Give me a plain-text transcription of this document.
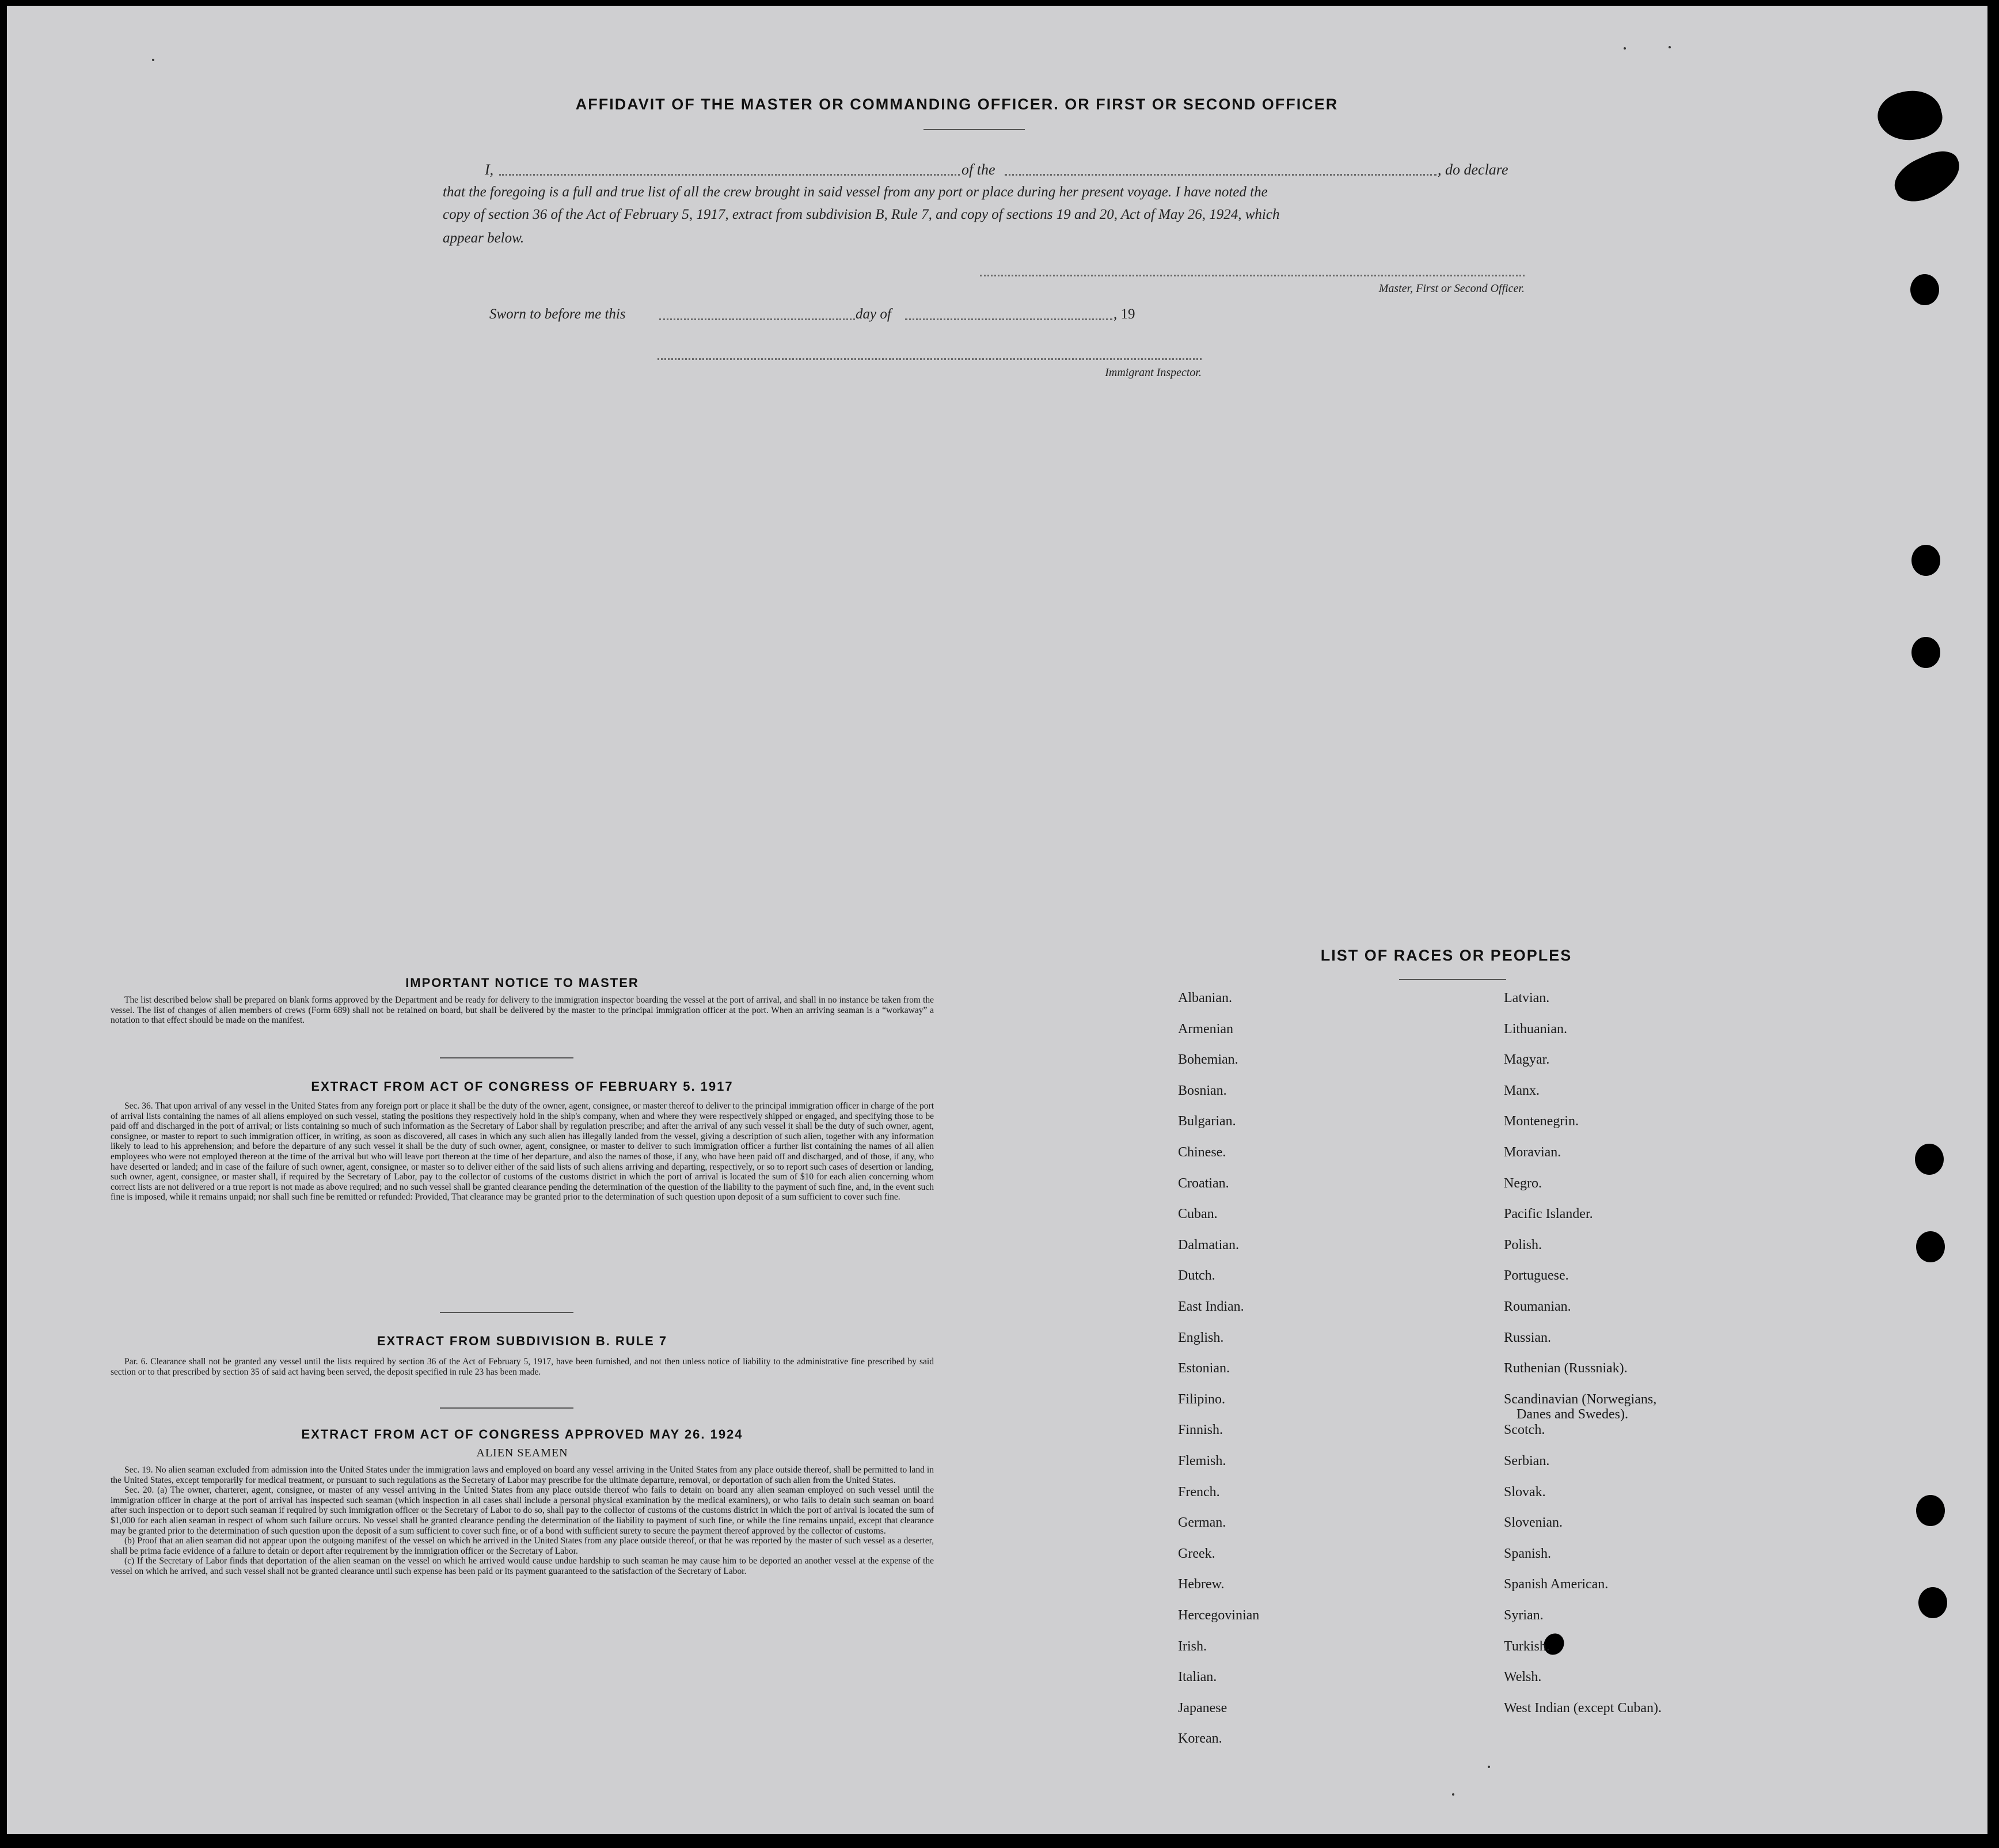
AFFIDAVIT OF THE MASTER OR COMMANDING OFFICER. OR FIRST OR SECOND OFFICER
I,	of the	, do declare
that the foregoing is a full and true list of all the crew brought in said vessel from any port or place during her present voyage. I have noted the
copy of section 36 of the Act of February 5, 1917, extract from subdivision B, Rule 7, and copy of sections 19 and 20, Act of May 26, 1924, which
appear below.
Master, First or Second Officer.
Sworn to before me this	day of	, 19
Immigrant Inspector.
IMPORTANT NOTICE TO MASTER

The list described below shall be prepared on blank forms approved by the Department and be ready for delivery to the immigration inspector boarding the vessel at the port of arrival, and shall in no instance be taken from the vessel. The list of changes of alien members of crews (Form 689) shall not be retained on board, but shall be delivered by the master to the principal immigration officer at the port. When an arriving seaman is a “workaway” a notation to that effect should be made on the manifest.

EXTRACT FROM ACT OF CONGRESS OF FEBRUARY 5. 1917

Sec. 36. That upon arrival of any vessel in the United States from any foreign port or place it shall be the duty of the owner, agent, consignee, or master thereof to deliver to the principal immigration officer in charge of the port of arrival lists containing the names of all aliens employed on such vessel, stating the positions they respectively hold in the ship's company, when and where they were respectively shipped or engaged, and specifying those to be paid off and discharged in the port of arrival; or lists containing so much of such information as the Secretary of Labor shall by regulation prescribe; and after the arrival of any such vessel it shall be the duty of such owner, agent, consignee, or master to report to such immigration officer, in writing, as soon as discovered, all cases in which any such alien has illegally landed from the vessel, giving a description of such alien, together with any information likely to lead to his apprehension; and before the departure of any such vessel it shall be the duty of such owner, agent, consignee, or master to deliver to such immigration officer a further list containing the names of all alien employees who were not employed thereon at the time of the arrival but who will leave port thereon at the time of her departure, and also the names of those, if any, who have been paid off and discharged, and of those, if any, who have deserted or landed; and in case of the failure of such owner, agent, consignee, or master so to deliver either of the said lists of such aliens arriving and departing, respectively, or so to report such cases of desertion or landing, such owner, agent, consignee, or master shall, if required by the Secretary of Labor, pay to the collector of customs of the customs district in which the port of arrival is located the sum of $10 for each alien concerning whom correct lists are not delivered or a true report is not made as above required; and no such vessel shall be granted clearance pending the determination of the question of the liability to the payment of such fine, and, in the event such fine is imposed, while it remains unpaid; nor shall such fine be remitted or refunded: Provided, That clearance may be granted prior to the determination of such question upon deposit of a sum sufficient to cover such fine.

EXTRACT FROM SUBDIVISION B. RULE 7

Par. 6. Clearance shall not be granted any vessel until the lists required by section 36 of the Act of February 5, 1917, have been furnished, and not then unless notice of liability to the administrative fine prescribed by said section or to that prescribed by section 35 of said act having been served, the deposit specified in rule 23 has been made.

EXTRACT FROM ACT OF CONGRESS APPROVED MAY 26. 1924
ALIEN SEAMEN

Sec. 19. No alien seaman excluded from admission into the United States under the immigration laws and employed on board any vessel arriving in the United States from any place outside thereof, shall be permitted to land in the United States, except temporarily for medical treatment, or pursuant to such regulations as the Secretary of Labor may prescribe for the ultimate departure, removal, or deportation of such alien from the United States.

Sec. 20. (a) The owner, charterer, agent, consignee, or master of any vessel arriving in the United States from any place outside thereof who fails to detain on board any alien seaman employed on such vessel until the immigration officer in charge at the port of arrival has inspected such seaman (which inspection in all cases shall include a personal physical examination by the medical examiners), or who fails to detain such seaman on board after such inspection or to deport such seaman if required by such immigration officer or the Secretary of Labor to do so, shall pay to the collector of customs of the customs district in which the port of arrival is located the sum of $1,000 for each alien seaman in respect of whom such failure occurs. No vessel shall be granted clearance pending the determination of the liability to payment of such fine, or while the fine remains unpaid, except that clearance may be granted prior to the determination of such question upon the deposit of a sum sufficient to cover such fine, or of a bond with sufficient surety to secure the payment thereof approved by the collector of customs.

(b) Proof that an alien seaman did not appear upon the outgoing manifest of the vessel on which he arrived in the United States from any place outside thereof, or that he was reported by the master of such vessel as a deserter, shall be prima facie evidence of a failure to detain or deport after requirement by the immigration officer or the Secretary of Labor.

(c) If the Secretary of Labor finds that deportation of the alien seaman on the vessel on which he arrived would cause undue hardship to such seaman he may cause him to be deported an another vessel at the expense of the vessel on which he arrived, and such vessel shall not be granted clearance until such expense has been paid or its payment guaranteed to the satisfaction of the Secretary of Labor.

LIST OF RACES OR PEOPLES
Albanian.
Armenian
Bohemian.
Bosnian.
Bulgarian.
Chinese.
Croatian.
Cuban.
Dalmatian.
Dutch.
East Indian.
English.
Estonian.
Filipino.
Finnish.
Flemish.
French.
German.
Greek.
Hebrew.
Hercegovinian
Irish.
Italian.
Japanese
Korean.
Latvian.
Lithuanian.
Magyar.
Manx.
Montenegrin.
Moravian.
Negro.
Pacific Islander.
Polish.
Portuguese.
Roumanian.
Russian.
Ruthenian (Russniak).
Scandinavian (Norwegians,
Danes and Swedes).
Scotch.
Serbian.
Slovak.
Slovenian.
Spanish.
Spanish American.
Syrian.
Turkish.
Welsh.
West Indian (except Cuban).
